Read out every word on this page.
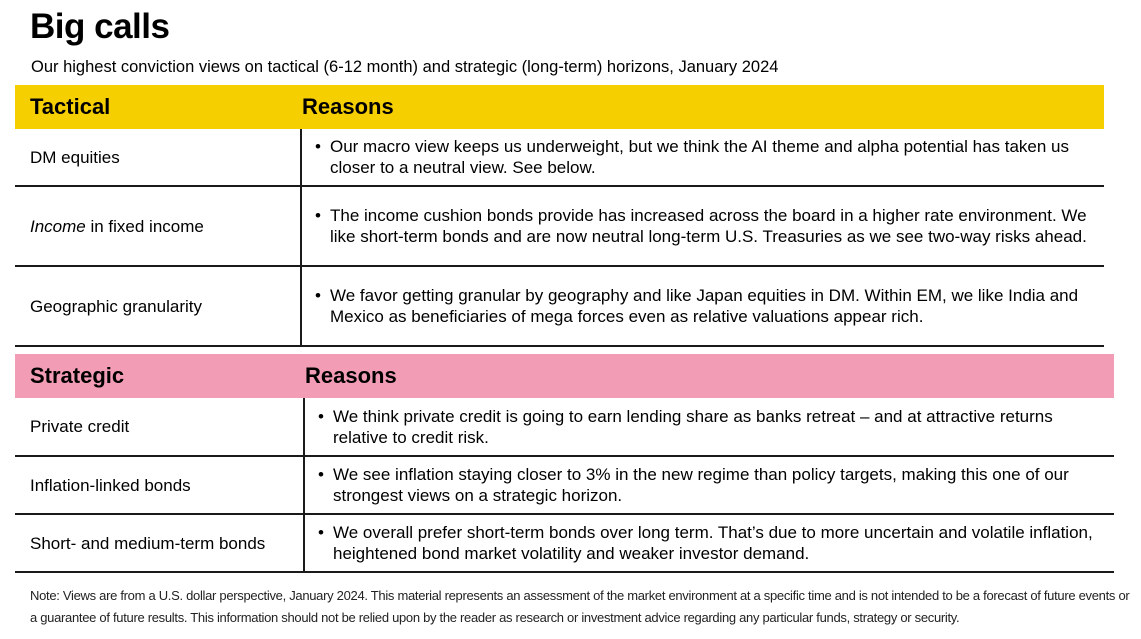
Big calls
Our highest conviction views on tactical (6-12 month) and strategic (long-term) horizons, January 2024
Tactical	Reasons
DM equities
• Our macro view keeps us underweight, but we think the AI theme and alpha potential has taken us closer to a neutral view. See below.
Income in fixed income
• The income cushion bonds provide has increased across the board in a higher rate environment. We like short-term bonds and are now neutral long-term U.S. Treasuries as we see two-way risks ahead.
Geographic granularity
• We favor getting granular by geography and like Japan equities in DM. Within EM, we like India and Mexico as beneficiaries of mega forces even as relative valuations appear rich.
Strategic	Reasons
Private credit
• We think private credit is going to earn lending share as banks retreat – and at attractive returns relative to credit risk.
Inflation-linked bonds
• We see inflation staying closer to 3% in the new regime than policy targets, making this one of our strongest views on a strategic horizon.
Short- and medium-term bonds
• We overall prefer short-term bonds over long term. That’s due to more uncertain and volatile inflation, heightened bond market volatility and weaker investor demand.
Note: Views are from a U.S. dollar perspective, January 2024. This material represents an assessment of the market environment at a specific time and is not intended to be a forecast of future events or a guarantee of future results. This information should not be relied upon by the reader as research or investment advice regarding any particular funds, strategy or security.
